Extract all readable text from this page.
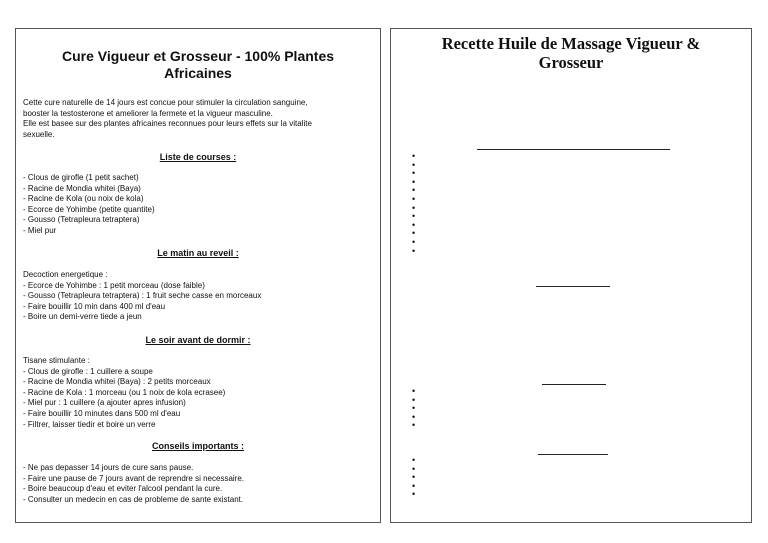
Cure Vigueur et Grosseur - 100% Plantes Africaines
Cette cure naturelle de 14 jours est concue pour stimuler la circulation sanguine,
booster la testosterone et ameliorer la fermete et la vigueur masculine.
Elle est basee sur des plantes africaines reconnues pour leurs effets sur la vitalite
sexuelle.
Liste de courses :
- Clous de girofle (1 petit sachet)
- Racine de Mondia whitei (Baya)
- Racine de Kola (ou noix de kola)
- Ecorce de Yohimbe (petite quantite)
- Gousso (Tetrapleura tetraptera)
- Miel pur
Le matin au reveil :
Decoction energetique :
- Ecorce de Yohimbe : 1 petit morceau (dose faible)
- Gousso (Tetrapleura tetraptera) : 1 fruit seche casse en morceaux
- Faire bouillir 10 min dans 400 ml d'eau
- Boire un demi-verre tiede a jeun
Le soir avant de dormir :
Tisane stimulante :
- Clous de girofle : 1 cuillere a soupe
- Racine de Mondia whitei (Baya) : 2 petits morceaux
- Racine de Kola : 1 morceau (ou 1 noix de kola ecrasee)
- Miel pur : 1 cuillere (a ajouter apres infusion)
- Faire bouillir 10 minutes dans 500 ml d'eau
- Filtrer, laisser tiedir et boire un verre
Conseils importants :
- Ne pas depasser 14 jours de cure sans pause.
- Faire une pause de 7 jours avant de reprendre si necessaire.
- Boire beaucoup d'eau et eviter l'alcool pendant la cure.
- Consulter un medecin en cas de probleme de sante existant.
Recette Huile de Massage Vigueur & Grosseur
•
•
•
•
•
•
•
•
•
•
•
•
•
•
•
•
•
•
•
•
•
•
